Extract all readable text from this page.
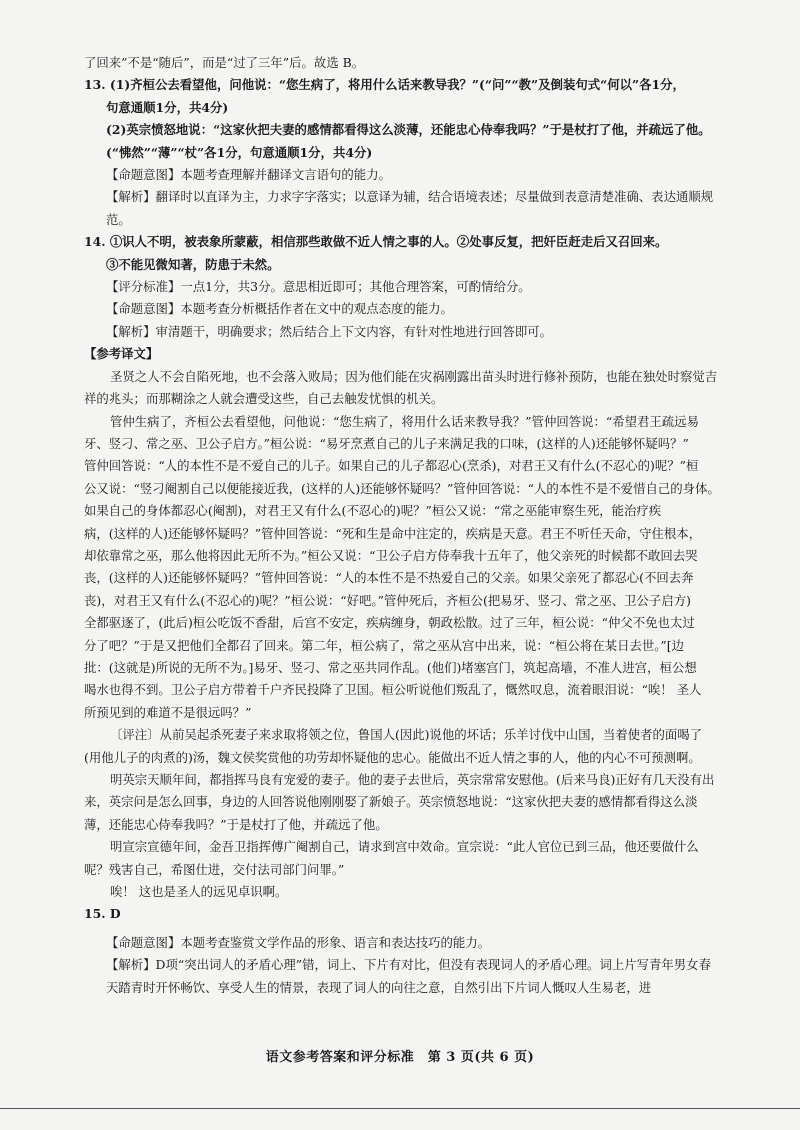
了回来”不是“随后”，而是“过了三年”后。故选 B。
13. (1)齐桓公去看望他，问他说：“您生病了，将用什么话来教导我？”(“问”“教”及倒装句式“何以”各1分，
句意通顺1分，共4分)
(2)英宗愤怒地说：“这家伙把夫妻的感情都看得这么淡薄，还能忠心侍奉我吗？”于是杖打了他，并疏远了他。
(“怫然”“薄”“杖”各1分，句意通顺1分，共4分)
【命题意图】本题考查理解并翻译文言语句的能力。
【解析】翻译时以直译为主，力求字字落实；以意译为辅，结合语境表述；尽量做到表意清楚准确、表达通顺规
范。
14. ①识人不明，被表象所蒙蔽，相信那些敢做不近人情之事的人。②处事反复，把奸臣赶走后又召回来。
③不能见微知著，防患于未然。
【评分标准】一点1分，共3分。意思相近即可；其他合理答案，可酌情给分。
【命题意图】本题考查分析概括作者在文中的观点态度的能力。
【解析】审清题干，明确要求；然后结合上下文内容，有针对性地进行回答即可。
【参考译文】
圣贤之人不会自陷死地，也不会落入败局；因为他们能在灾祸刚露出苗头时进行修补预防，也能在独处时察觉吉
祥的兆头；而那糊涂之人就会遭受这些，自己去触发忧惧的机关。
管仲生病了，齐桓公去看望他，问他说：“您生病了，将用什么话来教导我？”管仲回答说：“希望君王疏远易
牙、竖刁、常之巫、卫公子启方。”桓公说：“易牙烹煮自己的儿子来满足我的口味，(这样的人)还能够怀疑吗？”
管仲回答说：“人的本性不是不爱自己的儿子。如果自己的儿子都忍心(烹杀)，对君王又有什么(不忍心的)呢？”桓
公又说：“竖刁阉割自己以便能接近我，(这样的人)还能够怀疑吗？”管仲回答说：“人的本性不是不爱惜自己的身体。
如果自己的身体都忍心(阉割)，对君王又有什么(不忍心的)呢？”桓公又说：“常之巫能审察生死，能治疗疾
病，(这样的人)还能够怀疑吗？”管仲回答说：“死和生是命中注定的，疾病是天意。君王不听任天命，守住根本，
却依靠常之巫，那么他将因此无所不为。”桓公又说：“卫公子启方侍奉我十五年了，他父亲死的时候都不敢回去哭
丧，(这样的人)还能够怀疑吗？”管仲回答说：“人的本性不是不热爱自己的父亲。如果父亲死了都忍心(不回去奔
丧)，对君王又有什么(不忍心的)呢？”桓公说：“好吧。”管仲死后，齐桓公(把易牙、竖刁、常之巫、卫公子启方)
全都驱逐了，(此后)桓公吃饭不香甜，后宫不安定，疾病缠身，朝政松散。过了三年，桓公说：“仲父不免也太过
分了吧？”于是又把他们全都召了回来。第二年，桓公病了，常之巫从宫中出来，说：“桓公将在某日去世。”[边
批：(这就是)所说的无所不为。]易牙、竖刁、常之巫共同作乱。(他们)堵塞宫门，筑起高墙，不准人进宫，桓公想
喝水也得不到。卫公子启方带着千户齐民投降了卫国。桓公听说他们叛乱了，慨然叹息，流着眼泪说：“唉！ 圣人
所预见到的难道不是很远吗？”
〔评注〕从前吴起杀死妻子来求取将领之位，鲁国人(因此)说他的坏话；乐羊讨伐中山国，当着使者的面喝了
(用他儿子的肉煮的)汤，魏文侯奖赏他的功劳却怀疑他的忠心。能做出不近人情之事的人，他的内心不可预测啊。
明英宗天顺年间，都指挥马良有宠爱的妻子。他的妻子去世后，英宗常常安慰他。(后来马良)正好有几天没有出
来，英宗问是怎么回事，身边的人回答说他刚刚娶了新娘子。英宗愤怒地说：“这家伙把夫妻的感情都看得这么淡
薄，还能忠心侍奉我吗？”于是杖打了他，并疏远了他。
明宣宗宣德年间，金吾卫指挥傅广阉割自己，请求到宫中效命。宣宗说：“此人官位已到三品，他还要做什么
呢？残害自己，希图仕进，交付法司部门问罪。”
唉！ 这也是圣人的远见卓识啊。
15. D
【命题意图】本题考查鉴赏文学作品的形象、语言和表达技巧的能力。
【解析】D项“突出词人的矛盾心理”错，词上、下片有对比，但没有表现词人的矛盾心理。词上片写青年男女春
天踏青时开怀畅饮、享受人生的情景，表现了词人的向往之意，自然引出下片词人慨叹人生易老，进
语文参考答案和评分标准　第 3 页(共 6 页)
